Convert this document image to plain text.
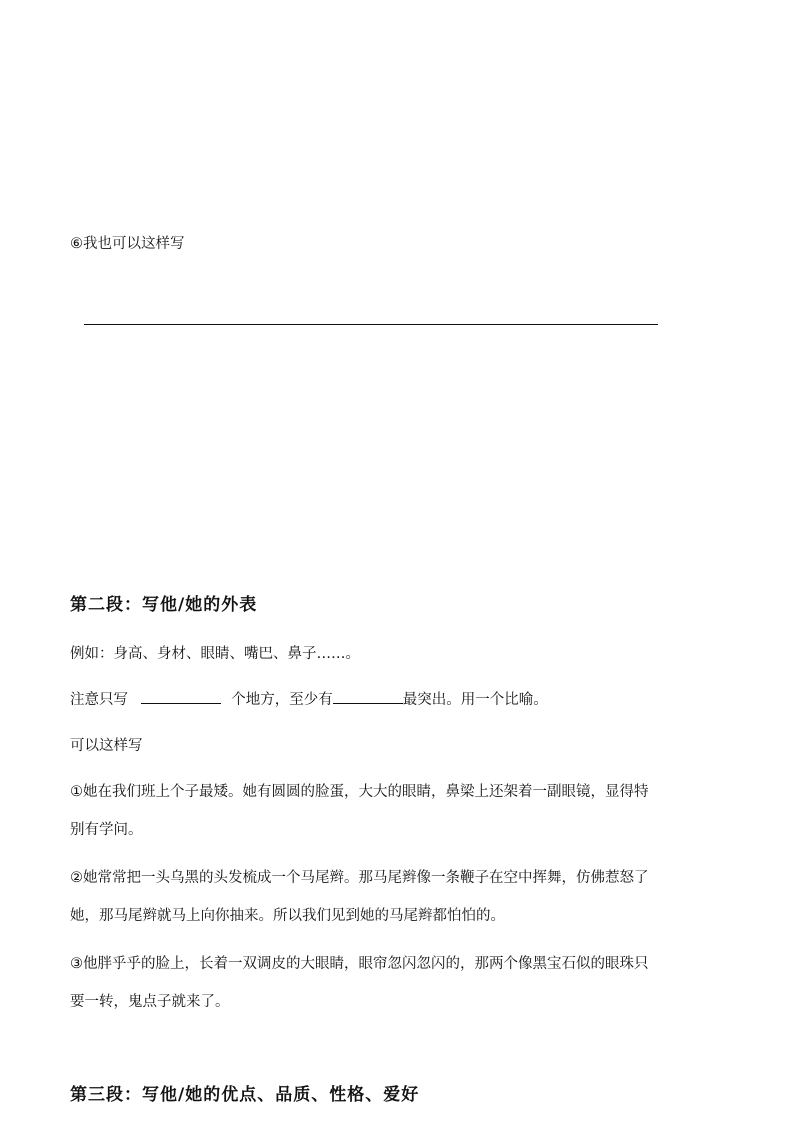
⑥我也可以这样写
第二段：写他/她的外表
例如：身高、身材、眼睛、嘴巴、鼻子……。
注意只写	个地方，至少有	最突出。用一个比喻。
可以这样写
①她在我们班上个子最矮。她有圆圆的脸蛋，大大的眼睛，鼻梁上还架着一副眼镜，显得特
别有学问。
②她常常把一头乌黑的头发梳成一个马尾辫。那马尾辫像一条鞭子在空中挥舞，仿佛惹怒了
她，那马尾辫就马上向你抽来。所以我们见到她的马尾辫都怕怕的。
③他胖乎乎的脸上，长着一双调皮的大眼睛，眼帘忽闪忽闪的，那两个像黑宝石似的眼珠只
要一转，鬼点子就来了。
第三段：写他/她的优点、品质、性格、爱好
